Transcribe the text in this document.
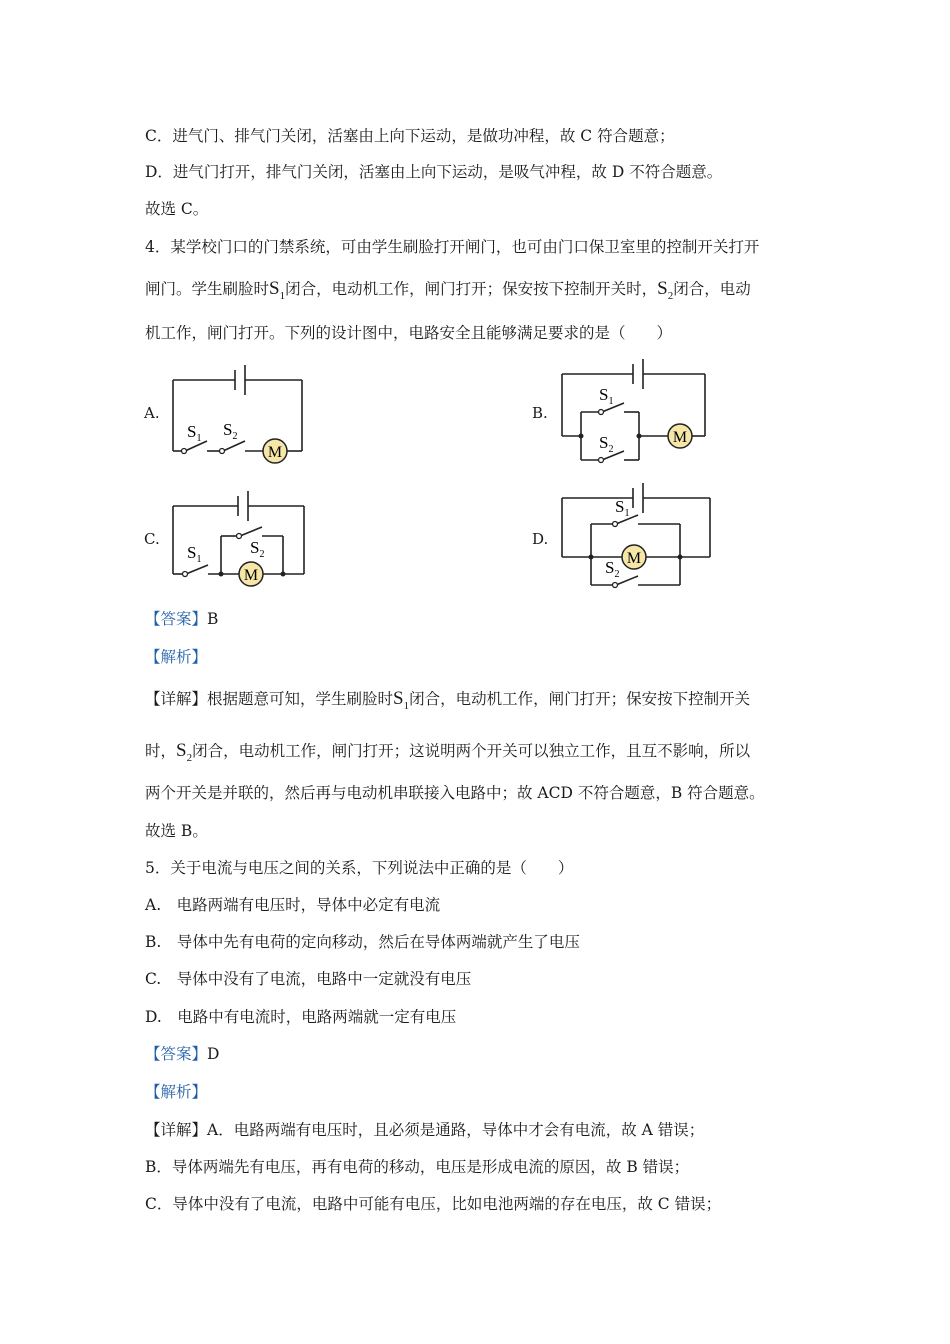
C．进气门、排气门关闭，活塞由上向下运动，是做功冲程，故 C 符合题意；
D．进气门打开，排气门关闭，活塞由上向下运动，是吸气冲程，故 D 不符合题意。
故选 C。
4．某学校门口的门禁系统，可由学生刷脸打开闸门，也可由门口保卫室里的控制开关打开
闸门。学生刷脸时$S_1$闭合，电动机工作，闸门打开；保安按下控制开关时，$S_2$闭合，电动
机工作，闸门打开。下列的设计图中，电路安全且能够满足要求的是（　　）
A.
M
$S_1$ $S_2$
B.
M
$S_1$
$S_2$
C.
M
$S_1$
$S_2$
D.
M
$S_1$
$S_2$
【答案】B
【解析】
【详解】根据题意可知，学生刷脸时$S_1$闭合，电动机工作，闸门打开；保安按下控制开关
时，$S_2$闭合，电动机工作，闸门打开；这说明两个开关可以独立工作，且互不影响，所以
两个开关是并联的，然后再与电动机串联接入电路中；故 ACD 不符合题意，B 符合题意。
故选 B。
5．关于电流与电压之间的关系，下列说法中正确的是（　　）
A.　电路两端有电压时，导体中必定有电流
B.　导体中先有电荷的定向移动，然后在导体两端就产生了电压
C.　导体中没有了电流，电路中一定就没有电压
D.　电路中有电流时，电路两端就一定有电压
【答案】D
【解析】
【详解】A．电路两端有电压时，且必须是通路，导体中才会有电流，故 A 错误；
B．导体两端先有电压，再有电荷的移动，电压是形成电流的原因，故 B 错误；
C．导体中没有了电流，电路中可能有电压，比如电池两端的存在电压，故 C 错误；
